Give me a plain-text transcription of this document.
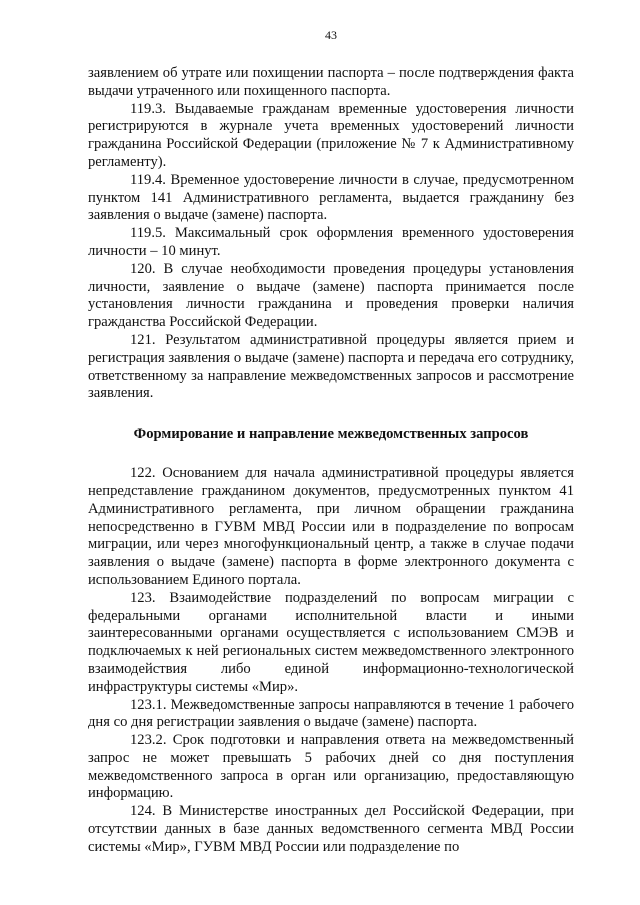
43

заявлением об утрате или похищении паспорта – после подтверждения факта выдачи утраченного или похищенного паспорта.

119.3. Выдаваемые гражданам временные удостоверения личности регистрируются в журнале учета временных удостоверений личности гражданина Российской Федерации (приложение № 7 к Административному регламенту).

119.4. Временное удостоверение личности в случае, предусмотренном пунктом 141 Административного регламента, выдается гражданину без заявления о выдаче (замене) паспорта.

119.5. Максимальный срок оформления временного удостоверения личности – 10 минут.

120. В случае необходимости проведения процедуры установления личности, заявление о выдаче (замене) паспорта принимается после установления личности гражданина и проведения проверки наличия гражданства Российской Федерации.

121. Результатом административной процедуры является прием и регистрация заявления о выдаче (замене) паспорта и передача его сотруднику, ответственному за направление межведомственных запросов и рассмотрение заявления.

Формирование и направление межведомственных запросов

122. Основанием для начала административной процедуры является непредставление гражданином документов, предусмотренных пунктом 41 Административного регламента, при личном обращении гражданина непосредственно в ГУВМ МВД России или в подразделение по вопросам миграции, или через многофункциональный центр, а также в случае подачи заявления о выдаче (замене) паспорта в форме электронного документа с использованием Единого портала.

123. Взаимодействие подразделений по вопросам миграции с федеральными органами исполнительной власти и иными заинтересованными органами осуществляется с использованием СМЭВ и подключаемых к ней региональных систем межведомственного электронного взаимодействия либо единой информационно-технологической инфраструктуры системы «Мир».

123.1. Межведомственные запросы направляются в течение 1 рабочего дня со дня регистрации заявления о выдаче (замене) паспорта.

123.2. Срок подготовки и направления ответа на межведомственный запрос не может превышать 5 рабочих дней со дня поступления межведомственного запроса в орган или организацию, предоставляющую информацию.

124. В Министерстве иностранных дел Российской Федерации, при отсутствии данных в базе данных ведомственного сегмента МВД России системы «Мир», ГУВМ МВД России или подразделение по
